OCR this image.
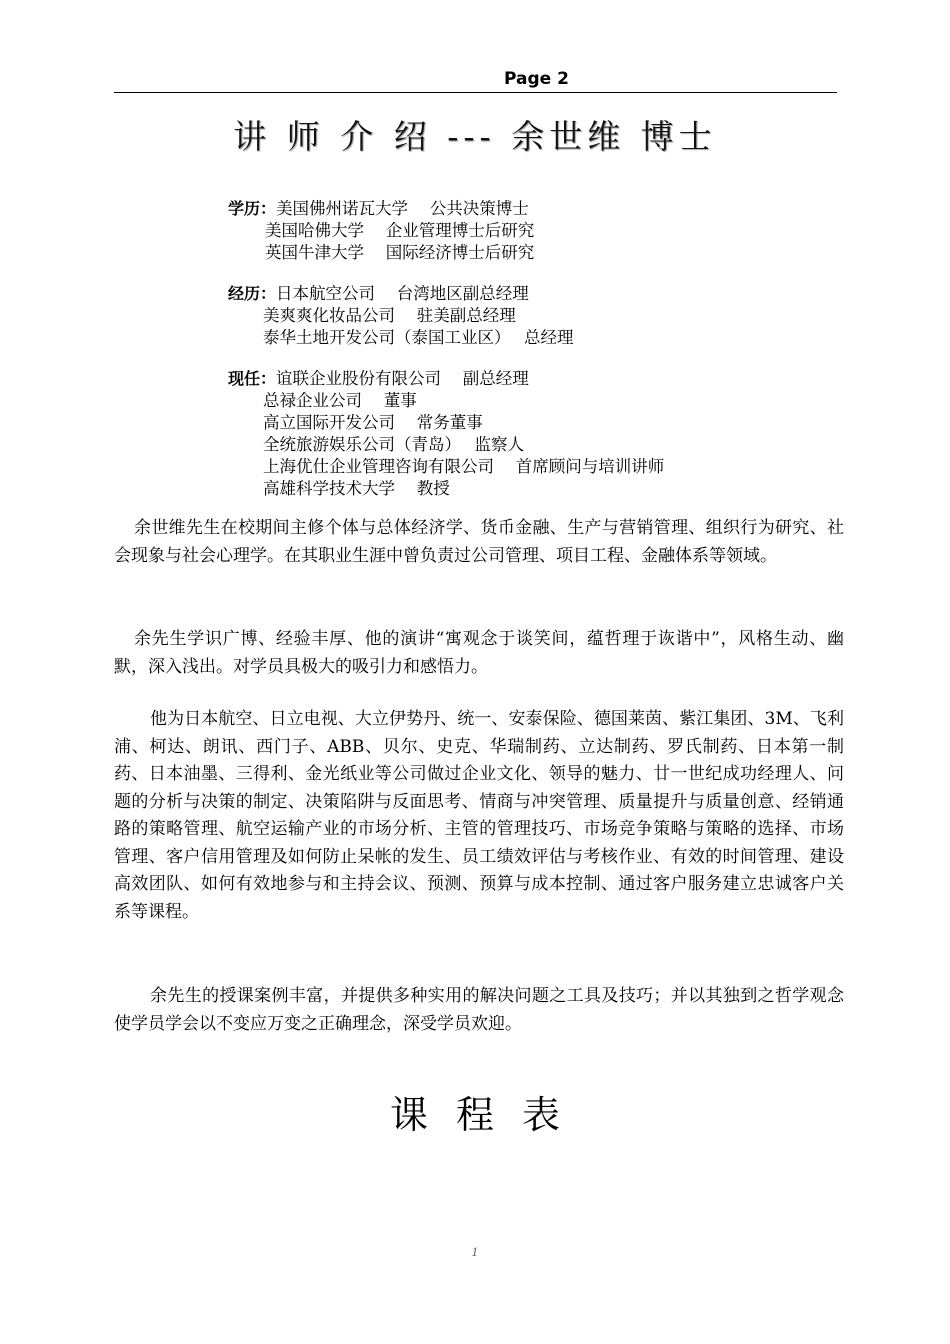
Page 2
讲 师 介 绍 --- 余世维 博士
学历：美国佛州诺瓦大学　 公共决策博士
美国哈佛大学　 企业管理博士后研究
英国牛津大学　 国际经济博士后研究
经历：日本航空公司　 台湾地区副总经理
美爽爽化妆品公司　 驻美副总经理
泰华土地开发公司（泰国工业区）　 总经理
现任：谊联企业股份有限公司　 副总经理
总禄企业公司　 董事
高立国际开发公司　 常务董事
全统旅游娱乐公司（青岛）　 监察人
上海优仕企业管理咨询有限公司　 首席顾问与培训讲师
高雄科学技术大学　 教授
余世维先生在校期间主修个体与总体经济学、货币金融、生产与营销管理、组织行为研究、社会现象与社会心理学。在其职业生涯中曾负责过公司管理、项目工程、金融体系等领域。
余先生学识广博、经验丰厚、他的演讲“寓观念于谈笑间，蕴哲理于诙谐中”，风格生动、幽默，深入浅出。对学员具极大的吸引力和感悟力。
他为日本航空、日立电视、大立伊势丹、统一、安泰保险、德国莱茵、紫江集团、3M、飞利浦、柯达、朗讯、西门子、ABB、贝尔、史克、华瑞制药、立达制药、罗氏制药、日本第一制药、日本油墨、三得利、金光纸业等公司做过企业文化、领导的魅力、廿一世纪成功经理人、问题的分析与决策的制定、决策陷阱与反面思考、情商与冲突管理、质量提升与质量创意、经销通路的策略管理、航空运输产业的市场分析、主管的管理技巧、市场竞争策略与策略的选择、市场管理、客户信用管理及如何防止呆帐的发生、员工绩效评估与考核作业、有效的时间管理、建设高效团队、如何有效地参与和主持会议、预测、预算与成本控制、通过客户服务建立忠诚客户关系等课程。
余先生的授课案例丰富，并提供多种实用的解决问题之工具及技巧；并以其独到之哲学观念使学员学会以不变应万变之正确理念，深受学员欢迎。
课程表
1
